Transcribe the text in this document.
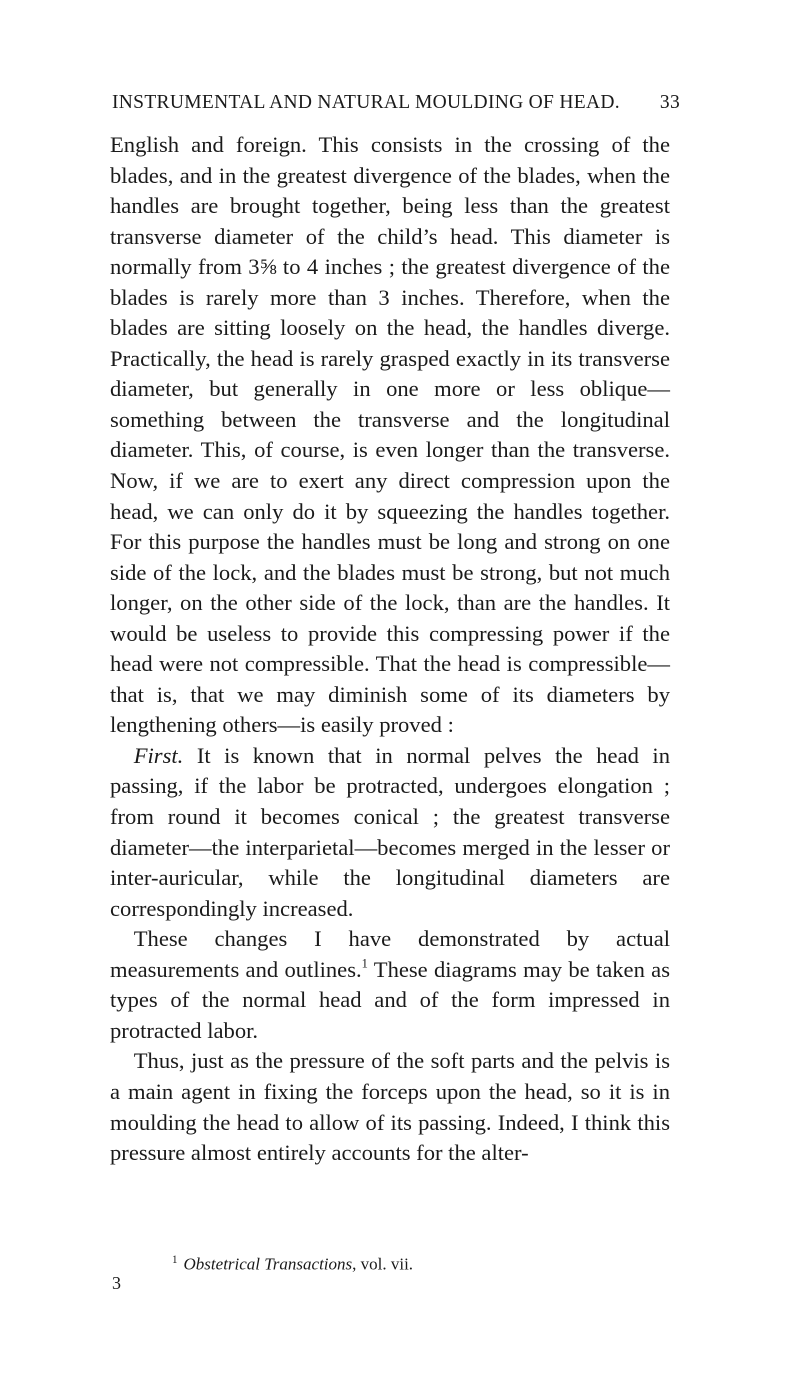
INSTRUMENTAL AND NATURAL MOULDING OF HEAD. 33

English and foreign. This consists in the crossing of the blades, and in the greatest divergence of the blades, when the handles are brought together, being less than the greatest transverse diameter of the child’s head. This diameter is normally from 3⅝ to 4 inches ; the greatest divergence of the blades is rarely more than 3 inches. Therefore, when the blades are sitting loosely on the head, the handles diverge. Practically, the head is rarely grasped exactly in its transverse diameter, but generally in one more or less oblique—something between the transverse and the longitudinal diameter. This, of course, is even longer than the transverse. Now, if we are to exert any direct compression upon the head, we can only do it by squeezing the handles together. For this purpose the handles must be long and strong on one side of the lock, and the blades must be strong, but not much longer, on the other side of the lock, than are the handles. It would be useless to provide this compressing power if the head were not compressible. That the head is compressible—that is, that we may diminish some of its diameters by lengthening others—is easily proved :

First. It is known that in normal pelves the head in passing, if the labor be protracted, undergoes elongation ; from round it becomes conical ; the greatest transverse diameter—the interparietal—becomes merged in the lesser or inter-auricular, while the longitudinal diameters are correspondingly increased.

These changes I have demonstrated by actual measurements and outlines.$^1$ These diagrams may be taken as types of the normal head and of the form impressed in protracted labor.

Thus, just as the pressure of the soft parts and the pelvis is a main agent in fixing the forceps upon the head, so it is in moulding the head to allow of its passing. Indeed, I think this pressure almost entirely accounts for the alter-

$^1$ Obstetrical Transactions, vol. vii.
3
